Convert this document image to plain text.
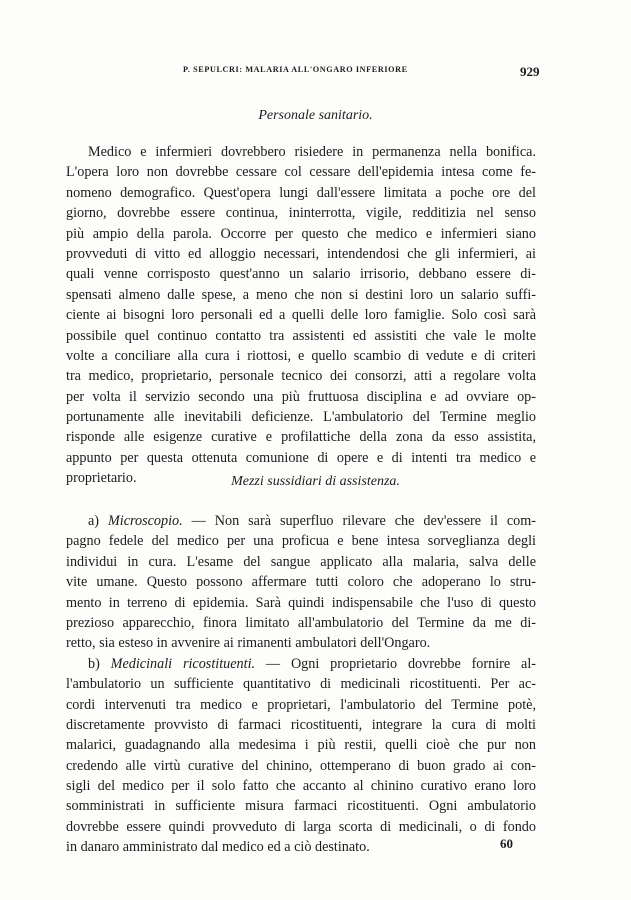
P. SEPULCRI: MALARIA ALL'ONGARO INFERIORE	929
Personale sanitario.
Medico e infermieri dovrebbero risiedere in permanenza nella bonifica.
L'opera loro non dovrebbe cessare col cessare dell'epidemia intesa come fe-
nomeno demografico. Quest'opera lungi dall'essere limitata a poche ore del
giorno, dovrebbe essere continua, ininterrotta, vigile, redditizia nel senso
più ampio della parola. Occorre per questo che medico e infermieri siano
provveduti di vitto ed alloggio necessari, intendendosi che gli infermieri, ai
quali venne corrisposto quest'anno un salario irrisorio, debbano essere di-
spensati almeno dalle spese, a meno che non si destini loro un salario suffi-
ciente ai bisogni loro personali ed a quelli delle loro famiglie. Solo così sarà
possibile quel continuo contatto tra assistenti ed assistiti che vale le molte
volte a conciliare alla cura i riottosi, e quello scambio di vedute e di criteri
tra medico, proprietario, personale tecnico dei consorzi, atti a regolare volta
per volta il servizio secondo una più fruttuosa disciplina e ad ovviare op-
portunamente alle inevitabili deficienze. L'ambulatorio del Termine meglio
risponde alle esigenze curative e profilattiche della zona da esso assistita,
appunto per questa ottenuta comunione di opere e di intenti tra medico e
proprietario.	Mezzi sussidiari di assistenza.
a) Microscopio. — Non sarà superfluo rilevare che dev'essere il com-
pagno fedele del medico per una proficua e bene intesa sorveglianza degli
individui in cura. L'esame del sangue applicato alla malaria, salva delle
vite umane. Questo possono affermare tutti coloro che adoperano lo stru-
mento in terreno di epidemia. Sarà quindi indispensabile che l'uso di questo
prezioso apparecchio, finora limitato all'ambulatorio del Termine da me di-
retto, sia esteso in avvenire ai rimanenti ambulatori dell'Ongaro.
b) Medicinali ricostituenti. — Ogni proprietario dovrebbe fornire al-
l'ambulatorio un sufficiente quantitativo di medicinali ricostituenti. Per ac-
cordi intervenuti tra medico e proprietari, l'ambulatorio del Termine potè,
discretamente provvisto di farmaci ricostituenti, integrare la cura di molti
malarici, guadagnando alla medesima i più restii, quelli cioè che pur non
credendo alle virtù curative del chinino, ottemperano di buon grado ai con-
sigli del medico per il solo fatto che accanto al chinino curativo erano loro
somministrati in sufficiente misura farmaci ricostituenti. Ogni ambulatorio
dovrebbe essere quindi provveduto di larga scorta di medicinali, o di fondo
in danaro amministrato dal medico ed a ciò destinato.	60
